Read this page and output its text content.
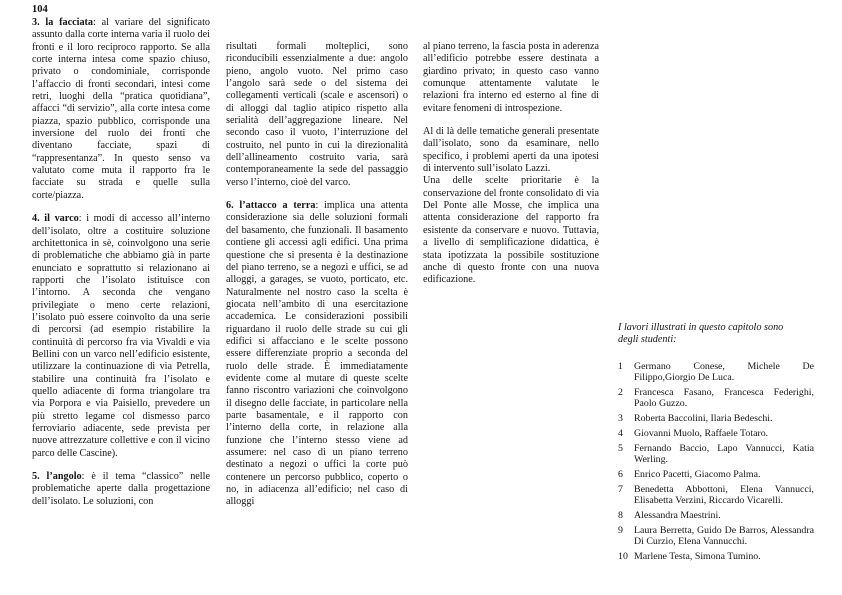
104

3. la facciata: al variare del significato assunto dalla corte interna varia il ruolo dei fronti e il loro reciproco rapporto. Se alla corte interna intesa come spazio chiuso, privato o condominiale, corrisponde l’affaccio di fronti secondari, intesi come retri, luoghi della “pratica quotidiana”, affacci “di servizio”, alla corte intesa come piazza, spazio pubblico, corrisponde una inversione del ruolo dei fronti che diventano facciate, spazi di “rappresentanza”. In questo senso va valutato come muta il rapporto fra le facciate su strada e quelle sulla corte/piazza.

4. il varco: i modi di accesso all’interno dell’isolato, oltre a costituire soluzione architettonica in sè, coinvolgono una serie di problematiche che abbiamo già in parte enunciato e soprattutto si relazionano ai rapporti che l’isolato istituisce con l’intorno. A seconda che vengano privilegiate o meno certe relazioni, l’isolato può essere coinvolto da una serie di percorsi (ad esempio ristabilire la continuità di percorso fra via Vivaldi e via Bellini con un varco nell’edificio esistente, utilizzare la continuazione di via Petrella, stabilire una continuità fra l’isolato e quello adiacente di forma triangolare tra via Porpora e via Paisiello, prevedere un più stretto legame col dismesso parco ferroviario adiacente, sede prevista per nuove attrezzature collettive e con il vicino parco delle Cascine).

5. l’angolo: è il tema “classico” nelle problematiche aperte dalla progettazione dell’isolato. Le soluzioni, con

risultati formali molteplici, sono riconducibili essenzialmente a due: angolo pieno, angolo vuoto. Nel primo caso l’angolo sarà sede o del sistema dei collegamenti verticali (scale e ascensori) o di alloggi dal taglio atipico rispetto alla serialità dell’aggregazione lineare. Nel secondo caso il vuoto, l’interruzione del costruito, nel punto in cui la direzionalità dell’allineamento costruito varia, sarà contemporaneamente la sede del passaggio verso l’interno, cioè del varco.

6. l’attacco a terra: implica una attenta considerazione sia delle soluzioni formali del basamento, che funzionali. Il basamento contiene gli accessi agli edifici. Una prima questione che si presenta è la destinazione del piano terreno, se a negozi e uffici, se ad alloggi, a garages, se vuoto, porticato, etc. Naturalmente nel nostro caso la scelta è giocata nell’ambito di una esercitazione accademica. Le considerazioni possibili riguardano il ruolo delle strade su cui gli edifici si affacciano e le scelte possono essere differenziate proprio a seconda del ruolo delle strade. È immediatamente evidente come al mutare di queste scelte fanno riscontro variazioni che coinvolgono il disegno delle facciate, in particolare nella parte basamentale, e il rapporto con l’interno della corte, in relazione alla funzione che l’interno stesso viene ad assumere: nel caso di un piano terreno destinato a negozi o uffici la corte può contenere un percorso pubblico, coperto o no, in adiacenza all’edificio; nel caso di alloggi

al piano terreno, la fascia posta in aderenza all’edificio potrebbe essere destinata a giardino privato; in questo caso vanno comunque attentamente valutate le relazioni fra interno ed esterno al fine di evitare fenomeni di introspezione.

Al di là delle tematiche generali presentate dall’isolato, sono da esaminare, nello specifico, i problemi aperti da una ipotesi di intervento sull’isolato Lazzi.

Una delle scelte prioritarie è la conservazione del fronte consolidato di via Del Ponte alle Mosse, che implica una attenta considerazione del rapporto fra esistente da conservare e nuovo. Tuttavia, a livello di semplificazione didattica, è stata ipotizzata la possibile sostituzione anche di questo fronte con una nuova edificazione.

I lavori illustrati in questo capitolo sono degli studenti:
1	Germano Conese, Michele De Filippo,Giorgio De Luca.
2	Francesca Fasano, Francesca Federighi, Paolo Guzzo.
3	Roberta Baccolini, Ilaria Bedeschi.
4	Giovanni Muolo, Raffaele Totaro.
5	Fernando Baccio, Lapo Vannucci, Katia Werling.
6	Enrico Pacetti, Giacomo Palma.
7	Benedetta Abbottoni, Elena Vannucci, Elisabetta Verzini, Riccardo Vicarelli.
8	Alessandra Maestrini.
9	Laura Berretta, Guido De Barros, Alessandra Di Curzio, Elena Vannucchi.
10 Marlene Testa, Simona Tumino.
